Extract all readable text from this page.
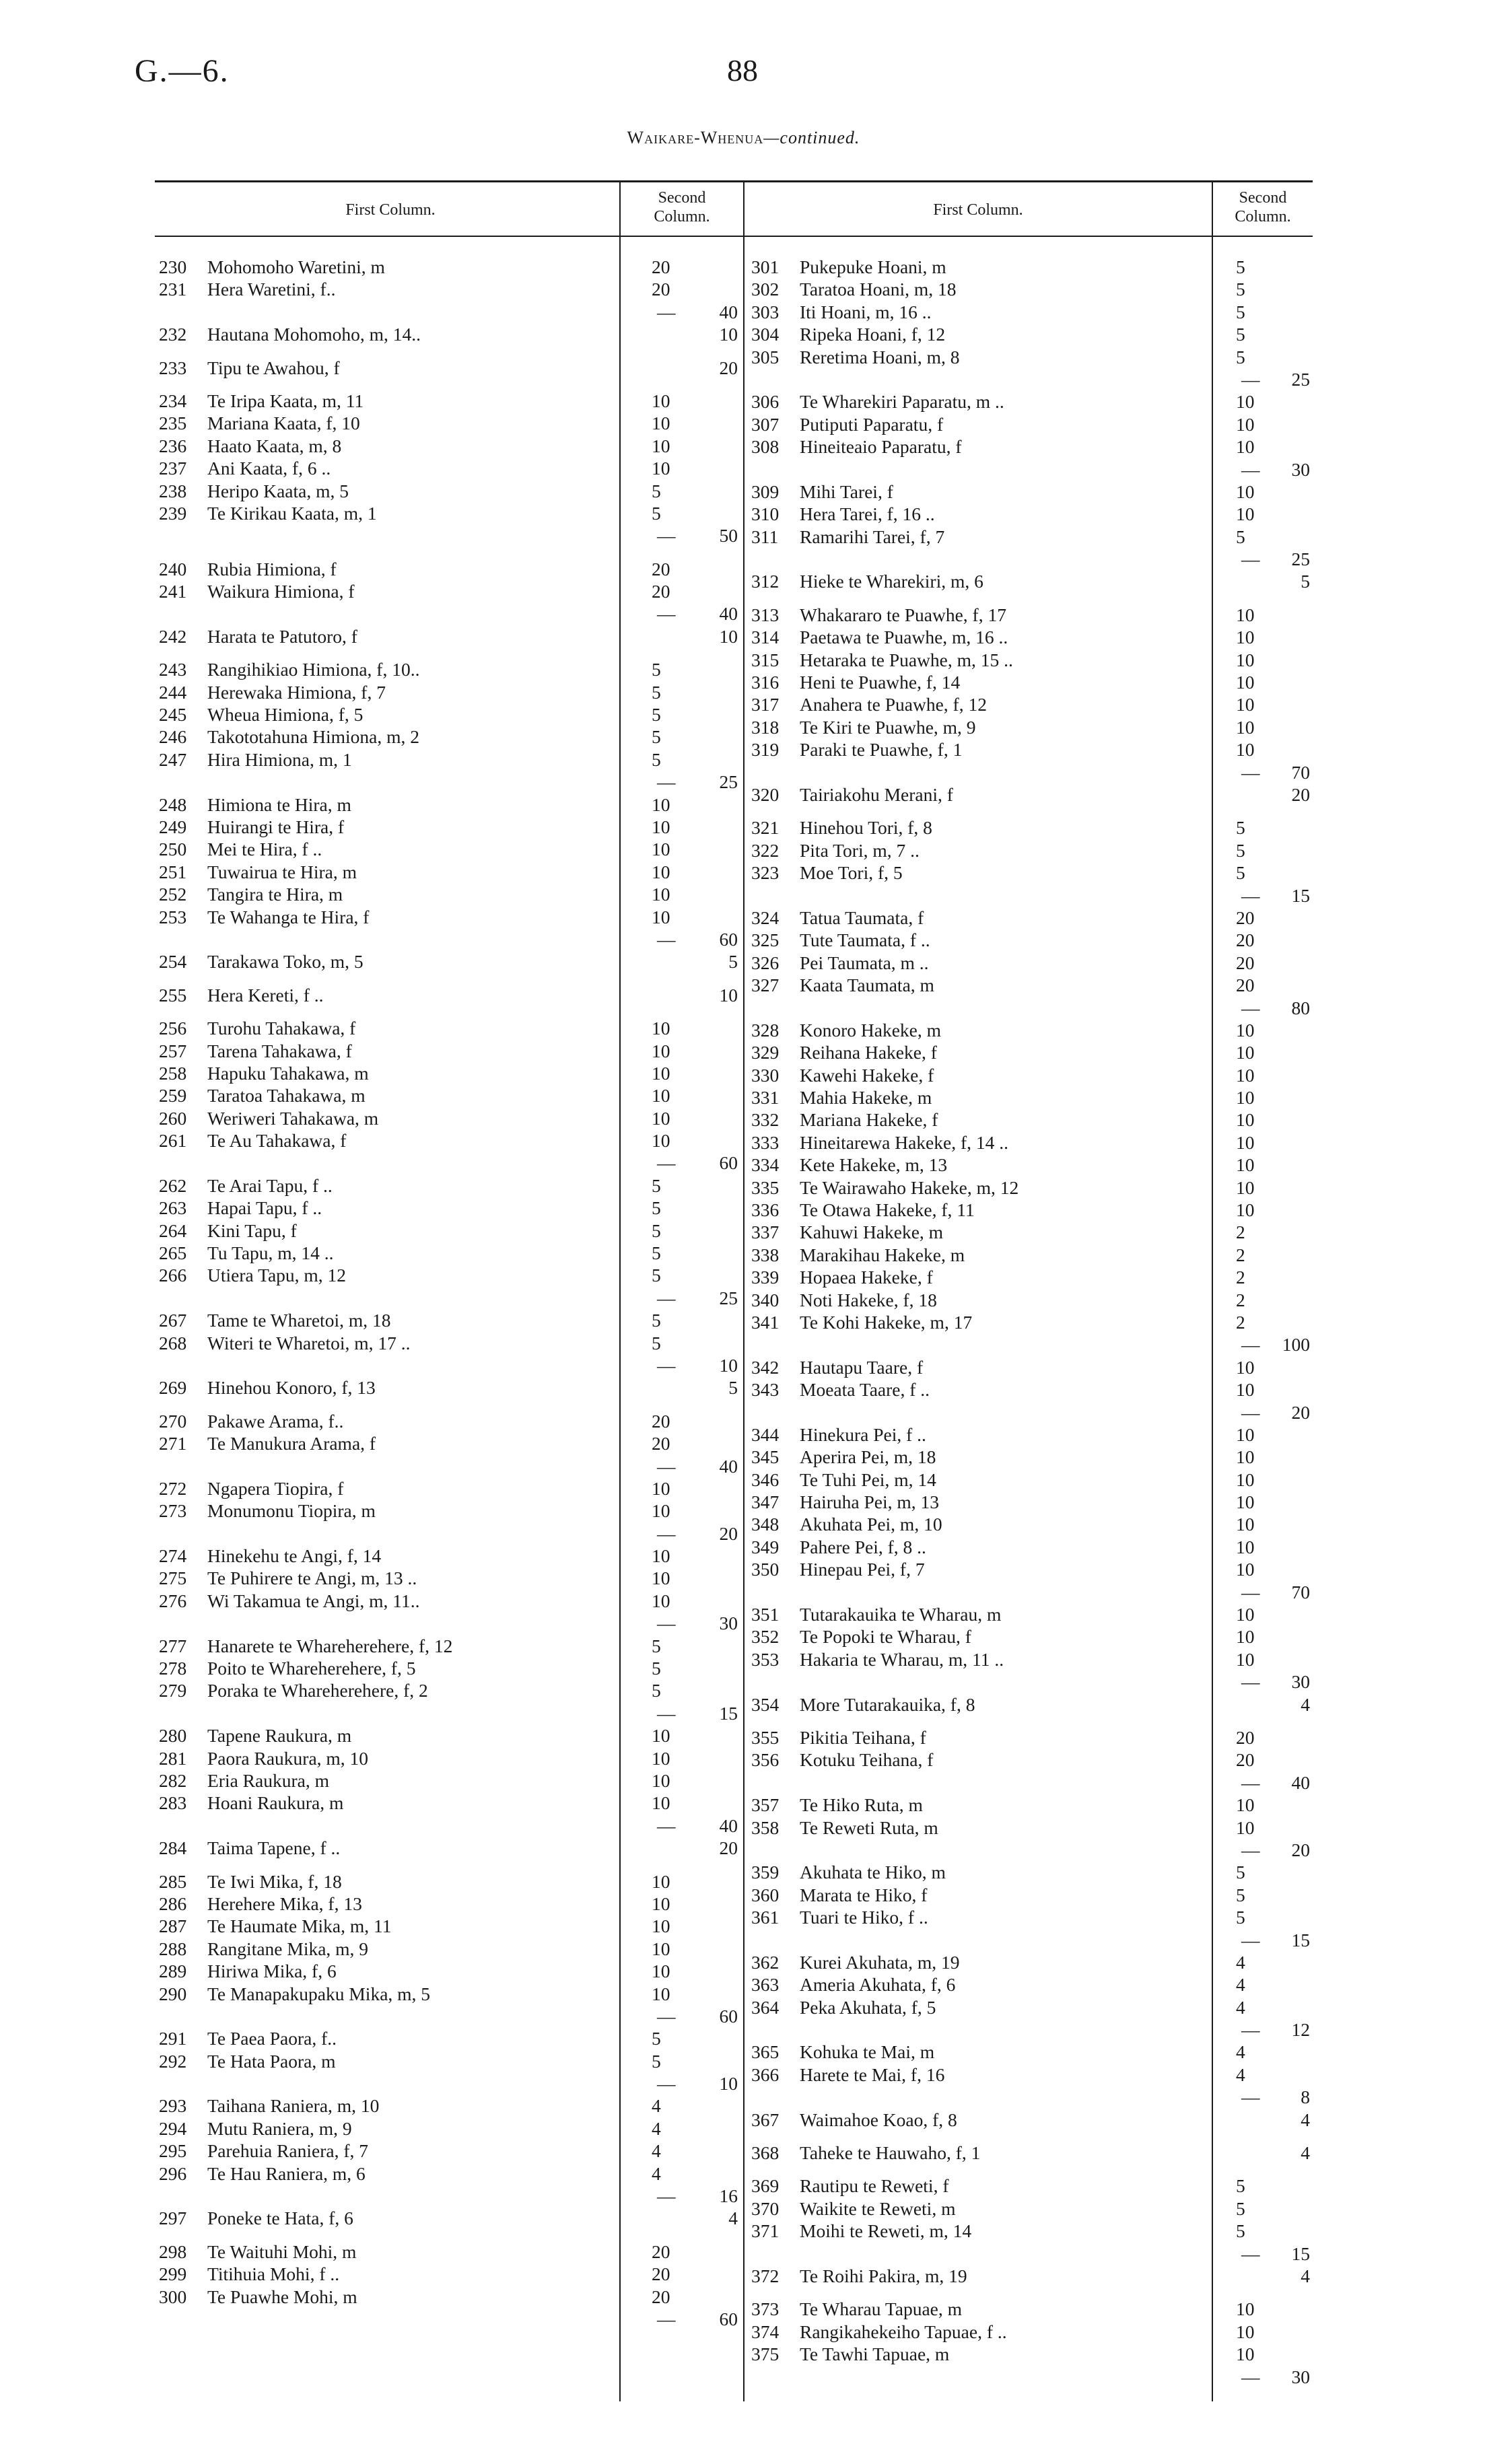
G.—6.	88
Waikare-Whenua—continued.
First Column.
Second
Column.	First Column.
Second
Column.
230 Mohomoho Waretini, m	20
231 Hera Waretini, f..	20
—	40
232 Hautana Mohomoho, m, 14..	10
233 Tipu te Awahou, f	20
234 Te Iripa Kaata, m, 11	10
235 Mariana Kaata, f, 10	10
236 Haato Kaata, m, 8	10
237 Ani Kaata, f, 6 ..	10
238 Heripo Kaata, m, 5	5
239 Te Kirikau Kaata, m, 1	5
—	50
240 Rubia Himiona, f	20
241 Waikura Himiona, f	20
—	40
242 Harata te Patutoro, f	10
243 Rangihikiao Himiona, f, 10..	5
244 Herewaka Himiona, f, 7	5
245 Wheua Himiona, f, 5	5
246 Takototahuna Himiona, m, 2	5
247 Hira Himiona, m, 1	5
—	25
248 Himiona te Hira, m	10
249 Huirangi te Hira, f	10
250 Mei te Hira, f ..	10
251 Tuwairua te Hira, m	10
252 Tangira te Hira, m	10
253 Te Wahanga te Hira, f	10
—	60
254 Tarakawa Toko, m, 5	5
255 Hera Kereti, f ..	10
256 Turohu Tahakawa, f	10
257 Tarena Tahakawa, f	10
258 Hapuku Tahakawa, m	10
259 Taratoa Tahakawa, m	10
260 Weriweri Tahakawa, m	10
261 Te Au Tahakawa, f	10
—	60
262 Te Arai Tapu, f ..	5
263 Hapai Tapu, f ..	5
264 Kini Tapu, f	5
265 Tu Tapu, m, 14 ..	5
266 Utiera Tapu, m, 12	5
—	25
267 Tame te Wharetoi, m, 18	5
268 Witeri te Wharetoi, m, 17 ..	5
—	10
269 Hinehou Konoro, f, 13	5
270 Pakawe Arama, f..	20
271 Te Manukura Arama, f	20
—	40
272 Ngapera Tiopira, f	10
273 Monumonu Tiopira, m	10
—	20
274 Hinekehu te Angi, f, 14	10
275 Te Puhirere te Angi, m, 13 ..	10
276 Wi Takamua te Angi, m, 11..	10
—	30
277 Hanarete te Whareherehere, f, 12	5
278 Poito te Whareherehere, f, 5	5
279 Poraka te Whareherehere, f, 2	5
—	15
280 Tapene Raukura, m	10
281 Paora Raukura, m, 10	10
282 Eria Raukura, m	10
283 Hoani Raukura, m	10
—	40
284 Taima Tapene, f ..	20
285 Te Iwi Mika, f, 18	10
286 Herehere Mika, f, 13	10
287 Te Haumate Mika, m, 11	10
288 Rangitane Mika, m, 9	10
289 Hiriwa Mika, f, 6	10
290 Te Manapakupaku Mika, m, 5	10
—	60
291 Te Paea Paora, f..	5
292 Te Hata Paora, m	5
—	10
293 Taihana Raniera, m, 10	4
294 Mutu Raniera, m, 9	4
295 Parehuia Raniera, f, 7	4
296 Te Hau Raniera, m, 6	4
—	16
297 Poneke te Hata, f, 6	4
298 Te Waituhi Mohi, m	20
299 Titihuia Mohi, f ..	20
300 Te Puawhe Mohi, m	20
—	60
301 Pukepuke Hoani, m	5
302 Taratoa Hoani, m, 18	5
303 Iti Hoani, m, 16 ..	5
304 Ripeka Hoani, f, 12	5
305 Reretima Hoani, m, 8	5
—	25
306 Te Wharekiri Paparatu, m ..	10
307 Putiputi Paparatu, f	10
308 Hineiteaio Paparatu, f	10
—	30
309 Mihi Tarei, f	10
310 Hera Tarei, f, 16 ..	10
311 Ramarihi Tarei, f, 7	5
—	25
312 Hieke te Wharekiri, m, 6	5
313 Whakararo te Puawhe, f, 17	10
314 Paetawa te Puawhe, m, 16 ..	10
315 Hetaraka te Puawhe, m, 15 ..	10
316 Heni te Puawhe, f, 14	10
317 Anahera te Puawhe, f, 12	10
318 Te Kiri te Puawhe, m, 9	10
319 Paraki te Puawhe, f, 1	10
—	70
320 Tairiakohu Merani, f	20
321 Hinehou Tori, f, 8	5
322 Pita Tori, m, 7 ..	5
323 Moe Tori, f, 5	5
—	15
324 Tatua Taumata, f	20
325 Tute Taumata, f ..	20
326 Pei Taumata, m ..	20
327 Kaata Taumata, m	20
—	80
328 Konoro Hakeke, m	10
329 Reihana Hakeke, f	10
330 Kawehi Hakeke, f	10
331 Mahia Hakeke, m	10
332 Mariana Hakeke, f	10
333 Hineitarewa Hakeke, f, 14 ..	10
334 Kete Hakeke, m, 13	10
335 Te Wairawaho Hakeke, m, 12	10
336 Te Otawa Hakeke, f, 11	10
337 Kahuwi Hakeke, m	2
338 Marakihau Hakeke, m	2
339 Hopaea Hakeke, f	2
340 Noti Hakeke, f, 18	2
341 Te Kohi Hakeke, m, 17	2
—	100
342 Hautapu Taare, f	10
343 Moeata Taare, f ..	10
—	20
344 Hinekura Pei, f ..	10
345 Aperira Pei, m, 18	10
346 Te Tuhi Pei, m, 14	10
347 Hairuha Pei, m, 13	10
348 Akuhata Pei, m, 10	10
349 Pahere Pei, f, 8 ..	10
350 Hinepau Pei, f, 7	10
—	70
351 Tutarakauika te Wharau, m	10
352 Te Popoki te Wharau, f	10
353 Hakaria te Wharau, m, 11 ..	10
—	30
354 More Tutarakauika, f, 8	4
355 Pikitia Teihana, f	20
356 Kotuku Teihana, f	20
—	40
357 Te Hiko Ruta, m	10
358 Te Reweti Ruta, m	10
—	20
359 Akuhata te Hiko, m	5
360 Marata te Hiko, f	5
361 Tuari te Hiko, f ..	5
—	15
362 Kurei Akuhata, m, 19	4
363 Ameria Akuhata, f, 6	4
364 Peka Akuhata, f, 5	4
—	12
365 Kohuka te Mai, m	4
366 Harete te Mai, f, 16	4
—	8
367 Waimahoe Koao, f, 8	4
368 Taheke te Hauwaho, f, 1	4
369 Rautipu te Reweti, f	5
370 Waikite te Reweti, m	5
371 Moihi te Reweti, m, 14	5
—	15
372 Te Roihi Pakira, m, 19	4
373 Te Wharau Tapuae, m	10
374 Rangikahekeiho Tapuae, f ..	10
375 Te Tawhi Tapuae, m	10
—	30
